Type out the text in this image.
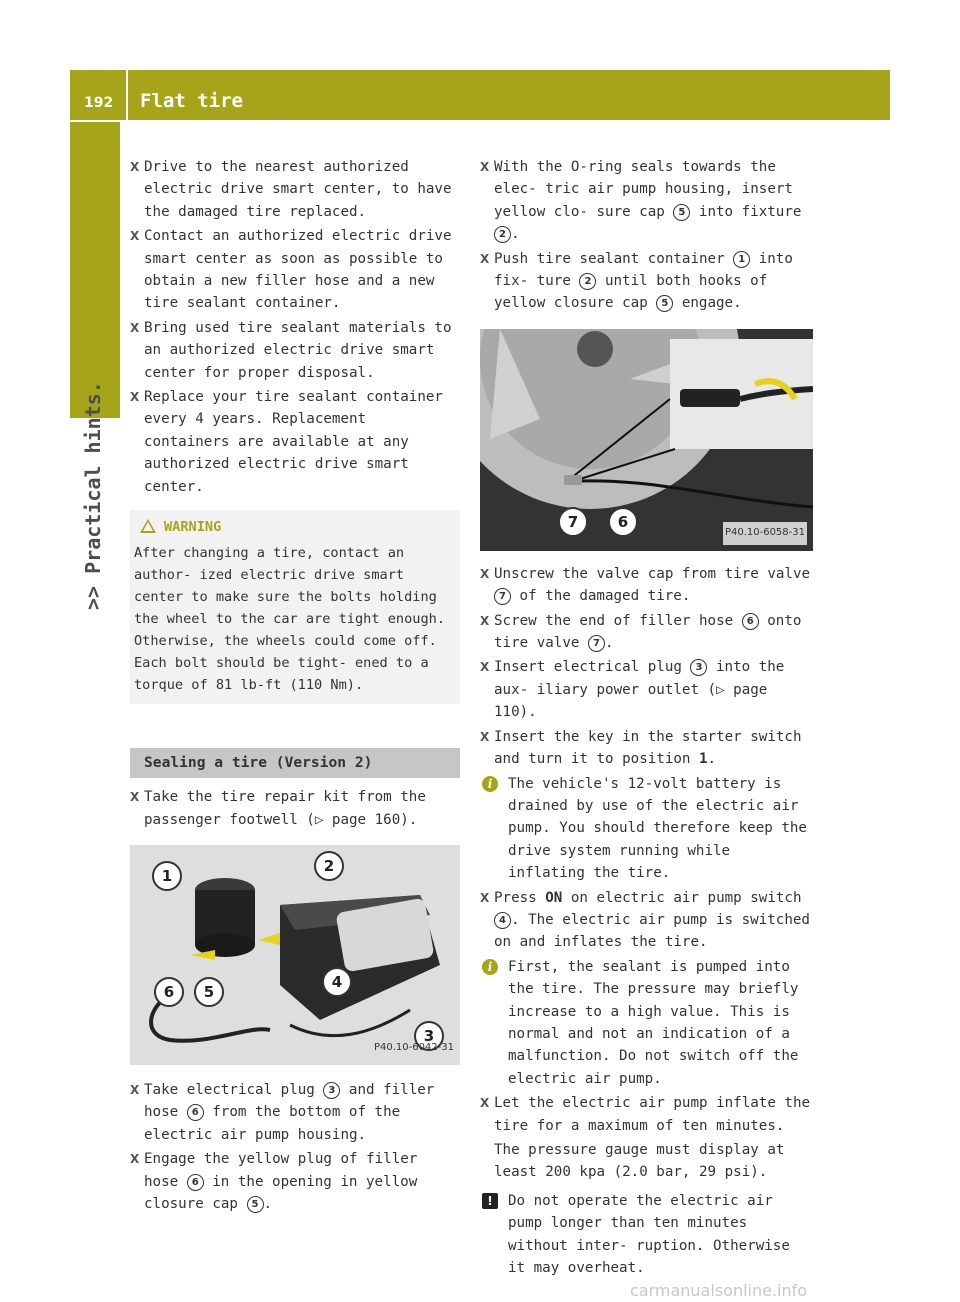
192 Flat tire
>> Practical hints.
X Drive to the nearest authorized electric drive smart center, to have the damaged tire replaced.
X Contact an authorized electric drive smart center as soon as possible to obtain a new filler hose and a new tire sealant container.
X Bring used tire sealant materials to an authorized electric drive smart center for proper disposal.
X Replace your tire sealant container every 4 years. Replacement containers are available at any authorized electric drive smart center.
WARNING

After changing a tire, contact an author- ized electric drive smart center to make sure the bolts holding the wheel to the car are tight enough. Otherwise, the wheels could come off. Each bolt should be tight- ened to a torque of 81 lb-ft (110 Nm).

Sealing a tire (Version 2)
X Take the tire repair kit from the passenger footwell (▷ page 160).
1
2
3
4
5
6
P40.10-6042-31
X Take electrical plug 3 and filler hose 6 from the bottom of the electric air pump housing.
X Engage the yellow plug of filler hose 6 in the opening in yellow closure cap 5 .
X With the O-ring seals towards the elec- tric air pump housing, insert yellow clo- sure cap 5 into fixture 2 .
X Push tire sealant container 1 into fix- ture 2 until both hooks of yellow closure cap 5 engage.
7	6
P40.10-6058-31
X Unscrew the valve cap from tire valve 7 of the damaged tire.
X Screw the end of filler hose 6 onto tire valve 7 .
X Insert electrical plug 3 into the aux- iliary power outlet (▷ page 110).
X Insert the key in the starter switch and turn it to position 1.
i	The vehicle's 12-volt battery is drained by use of the electric air pump. You should therefore keep the drive system running while inflating the tire.
X Press ON on electric air pump switch 4 . The electric air pump is switched on and inflates the tire.
i	First, the sealant is pumped into the tire. The pressure may briefly increase to a high value. This is normal and not an indication of a malfunction. Do not switch off the electric air pump.
X Let the electric air pump inflate the tire for a maximum of ten minutes.
The pressure gauge must display at least 200 kpa (2.0 bar, 29 psi).
!	Do not operate the electric air pump longer than ten minutes without inter- ruption. Otherwise it may overheat.
carmanualsonline.info
